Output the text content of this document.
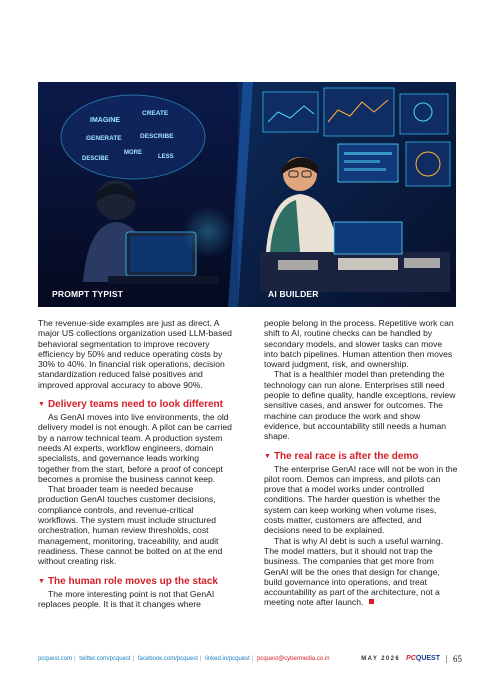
IMAGINE
CREATE
GENERATE	DESCRIBE
MORE
DESCIBE	LESS
PROMPT TYPIST	AI BUILDER

The revenue-side examples are just as direct. A major US collections organization used LLM-based behavioral segmentation to improve recovery efficiency by 50% and reduce operating costs by 30% to 40%. In financial risk operations, decision standardization reduced false positives and improved approval accuracy to above 90%.

▼ Delivery teams need to look different

As GenAI moves into live environments, the old delivery model is not enough. A pilot can be carried by a narrow technical team. A production system needs AI experts, workflow engineers, domain specialists, and governance leads working together from the start, before a proof of concept becomes a promise the business cannot keep.

That broader team is needed because production GenAI touches customer decisions, compliance controls, and revenue-critical workflows. The system must include structured orchestration, human review thresholds, cost management, monitoring, traceability, and audit readiness. These cannot be bolted on at the end without creating risk.

▼ The human role moves up the stack

The more interesting point is not that GenAI replaces people. It is that it changes where

people belong in the process. Repetitive work can shift to AI, routine checks can be handled by secondary models, and slower tasks can move into batch pipelines. Human attention then moves toward judgment, risk, and ownership.

That is a healthier model than pretending the technology can run alone. Enterprises still need people to define quality, handle exceptions, review sensitive cases, and answer for outcomes. The machine can produce the work and show evidence, but accountability still needs a human shape.

▼ The real race is after the demo

The enterprise GenAI race will not be won in the pilot room. Demos can impress, and pilots can prove that a model works under controlled conditions. The harder question is whether the system can keep working when volume rises, costs matter, customers are affected, and decisions need to be explained.

That is why AI debt is such a useful warning. The model matters, but it should not trap the business. The companies that get more from GenAI will be the ones that design for change, build governance into operations, and treat accountability as part of the architecture, not a meeting note after launch.

pcquest.com | twitter.com/pcquest | facebook.com/pcquest | linked.in/pcquest | pcquest@cybermedia.co.in	MAY 2026 PCQUEST 65
